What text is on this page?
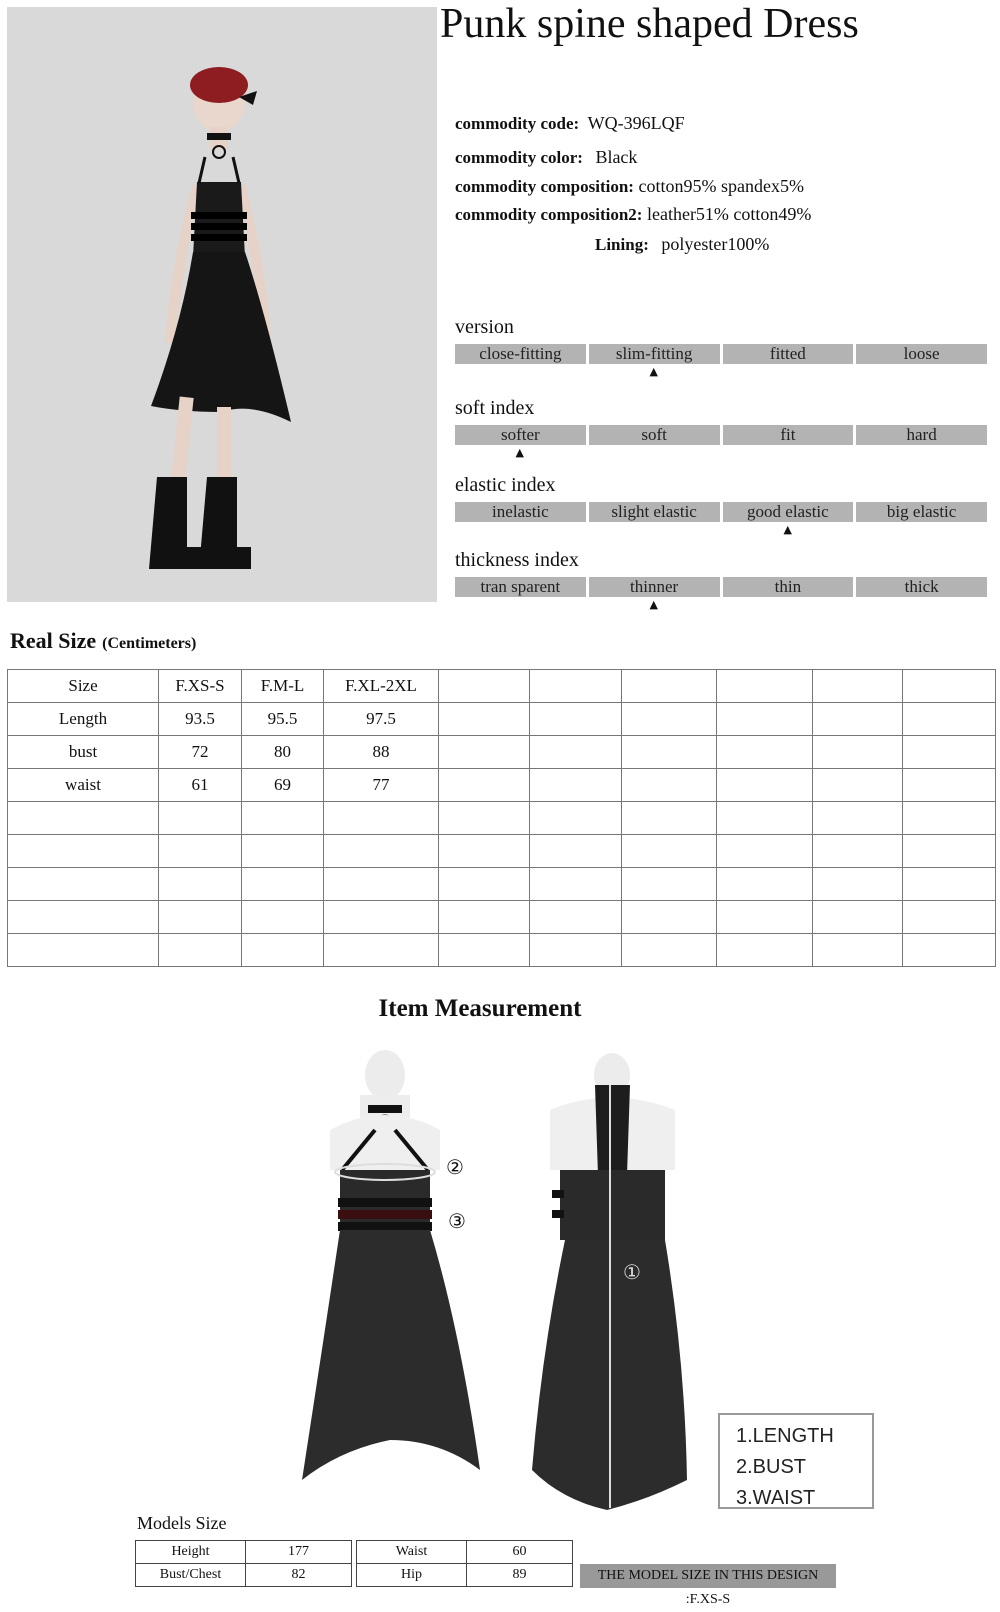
Punk spine shaped Dress
commodity code: WQ-396LQF
commodity color: Black
commodity composition: cotton95% spandex5%
commodity composition2: leather51% cotton49%
Lining: polyester100%
version
close-fitting	slim-fitting	fitted	loose
soft index
softer	soft	fit	hard
elastic index
inelastic	slight elastic	good elastic	big elastic
thickness index
tran sparent	thinner	thin	thick
Real Size (Centimeters)
Size	F.XS-S	F.M-L	F.XL-2XL						
Length	93.5	95.5	97.5						
bust	72	80	88						
waist	61	69	77						

Item Measurement
②
③
①
1.LENGTH
2.BUST
3.WAIST
Models Size
Height	177
Bust/Chest	82
Waist	60
Hip	89	THE MODEL SIZE IN THIS DESIGN :F.XS-S
▲
▲
▲
▲
